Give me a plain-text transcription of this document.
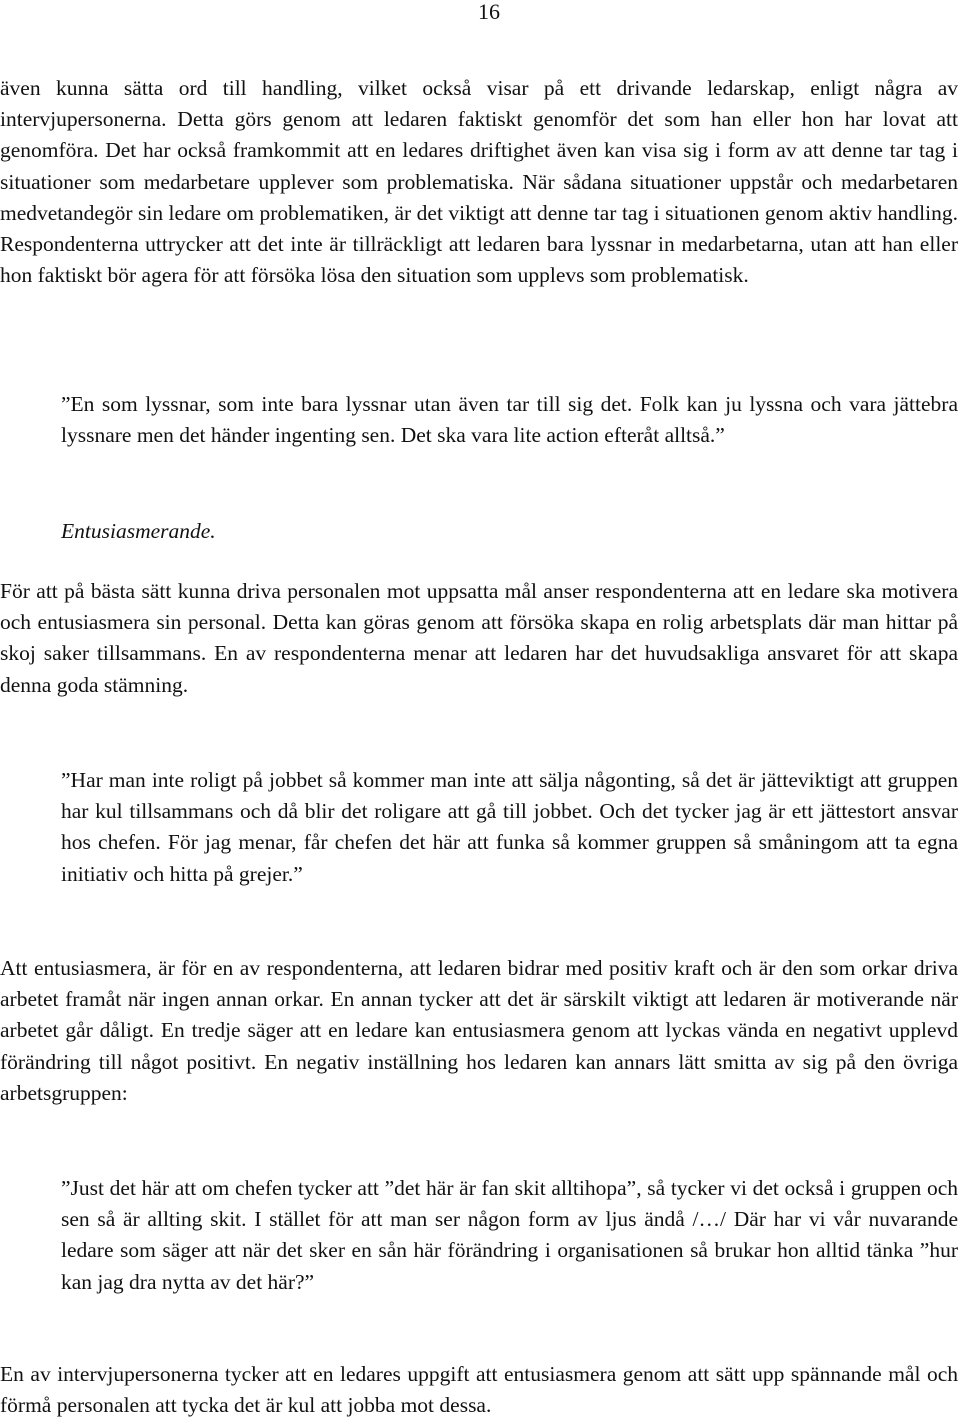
16

även kunna sätta ord till handling, vilket också visar på ett drivande ledarskap, enligt några av intervjupersonerna. Detta görs genom att ledaren faktiskt genomför det som han eller hon har lovat att genomföra. Det har också framkommit att en ledares driftighet även kan visa sig i form av att denne tar tag i situationer som medarbetare upplever som problematiska. När sådana situationer uppstår och medarbetaren medvetandegör sin ledare om problematiken, är det viktigt att denne tar tag i situationen genom aktiv handling. Respondenterna uttrycker att det inte är tillräckligt att ledaren bara lyssnar in medarbetarna, utan att han eller hon faktiskt bör agera för att försöka lösa den situation som upplevs som problematisk.

”En som lyssnar, som inte bara lyssnar utan även tar till sig det. Folk kan ju lyssna och vara jättebra lyssnare men det händer ingenting sen. Det ska vara lite action efteråt alltså.”

Entusiasmerande.

För att på bästa sätt kunna driva personalen mot uppsatta mål anser respondenterna att en ledare ska motivera och entusiasmera sin personal. Detta kan göras genom att försöka skapa en rolig arbetsplats där man hittar på skoj saker tillsammans. En av respondenterna menar att ledaren har det huvudsakliga ansvaret för att skapa denna goda stämning.

”Har man inte roligt på jobbet så kommer man inte att sälja någonting, så det är jätteviktigt att gruppen har kul tillsammans och då blir det roligare att gå till jobbet. Och det tycker jag är ett jättestort ansvar hos chefen. För jag menar, får chefen det här att funka så kommer gruppen så småningom att ta egna initiativ och hitta på grejer.”

Att entusiasmera, är för en av respondenterna, att ledaren bidrar med positiv kraft och är den som orkar driva arbetet framåt när ingen annan orkar. En annan tycker att det är särskilt viktigt att ledaren är motiverande när arbetet går dåligt. En tredje säger att en ledare kan entusiasmera genom att lyckas vända en negativt upplevd förändring till något positivt. En negativ inställning hos ledaren kan annars lätt smitta av sig på den övriga arbetsgruppen:

”Just det här att om chefen tycker att ”det här är fan skit alltihopa”, så tycker vi det också i gruppen och sen så är allting skit. I stället för att man ser någon form av ljus ändå /…/ Där har vi vår nuvarande ledare som säger att när det sker en sån här förändring i organisationen så brukar hon alltid tänka ”hur kan jag dra nytta av det här?”

En av intervjupersonerna tycker att en ledares uppgift att entusiasmera genom att sätt upp spännande mål och förmå personalen att tycka det är kul att jobba mot dessa.
